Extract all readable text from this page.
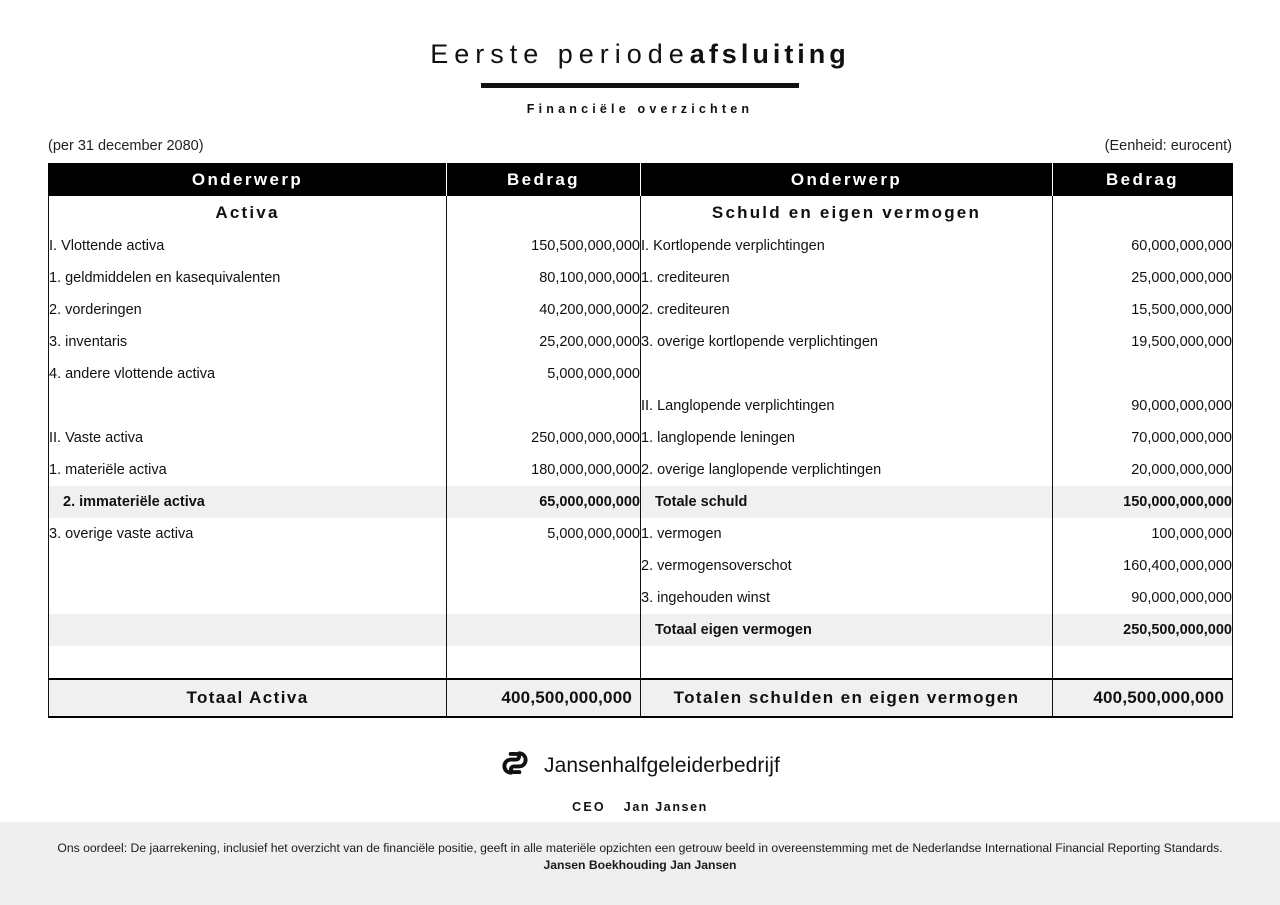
Eerste periodeafsluiting
Financiële overzichten
(per 31 december 2080)	(Eenheid: eurocent)
Onderwerp	Bedrag	Onderwerp	Bedrag
Activa		Schuld en eigen vermogen	
I. Vlottende activa	150,500,000,000	I. Kortlopende verplichtingen	60,000,000,000
1. geldmiddelen en kasequivalenten	80,100,000,000	1. crediteuren	25,000,000,000
2. vorderingen	40,200,000,000	2. crediteuren	15,500,000,000
3. inventaris	25,200,000,000	3. overige kortlopende verplichtingen	19,500,000,000
4. andere vlottende activa	5,000,000,000		
		II. Langlopende verplichtingen	90,000,000,000
II. Vaste activa	250,000,000,000	1. langlopende leningen	70,000,000,000
1. materiële activa	180,000,000,000	2. overige langlopende verplichtingen	20,000,000,000
2. immateriële activa	65,000,000,000	Totale schuld	150,000,000,000
3. overige vaste activa	5,000,000,000	1. vermogen	100,000,000
		2. vermogensoverschot	160,400,000,000
		3. ingehouden winst	90,000,000,000
		Totaal eigen vermogen	250,500,000,000

Totaal Activa	400,500,000,000	Totalen schulden en eigen vermogen	400,500,000,000
Jansenhalfgeleiderbedrijf
CEO Jan Jansen
Ons oordeel: De jaarrekening, inclusief het overzicht van de financiële positie, geeft in alle materiële opzichten een getrouw beeld in overeenstemming met de Nederlandse International Financial Reporting Standards.
Jansen Boekhouding Jan Jansen
